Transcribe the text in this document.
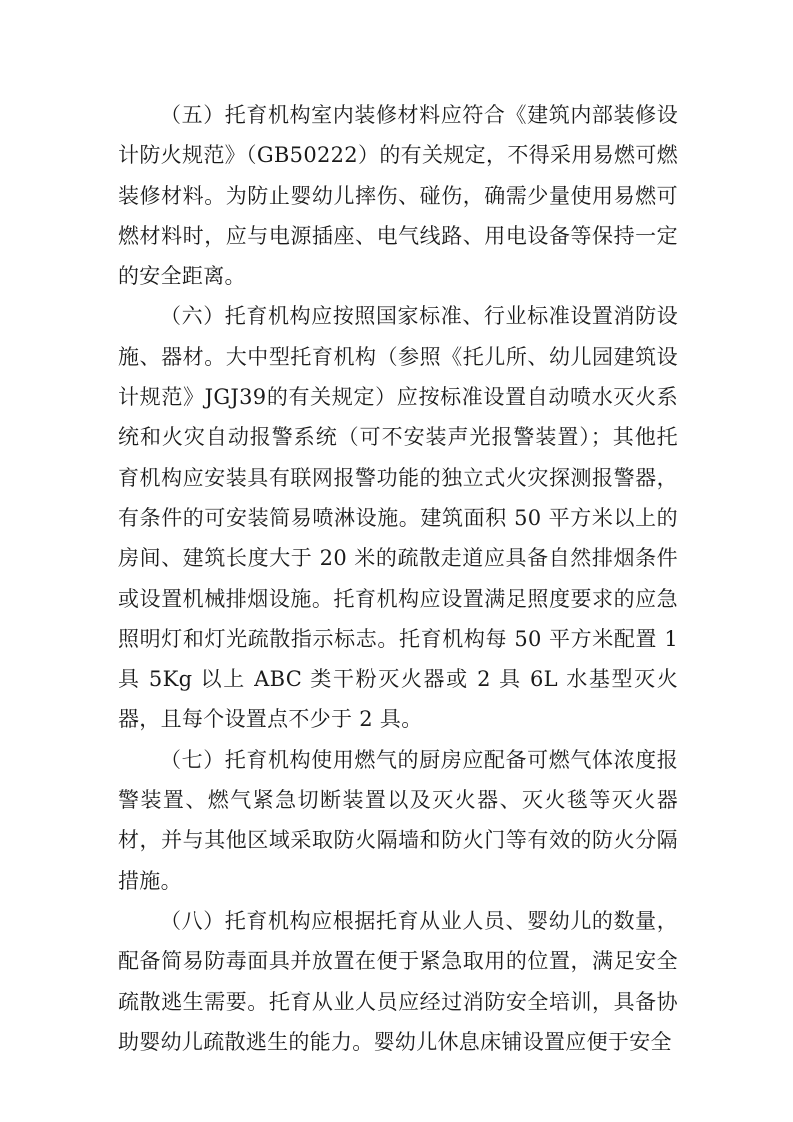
（五）托育机构室内装修材料应符合《建筑内部装修设计防火规范》（GB50222）的有关规定，不得采用易燃可燃装修材料。为防止婴幼儿摔伤、碰伤，确需少量使用易燃可燃材料时，应与电源插座、电气线路、用电设备等保持一定的安全距离。

（六）托育机构应按照国家标准、行业标准设置消防设施、器材。大中型托育机构（参照《托儿所、幼儿园建筑设计规范》JGJ39的有关规定）应按标准设置自动喷水灭火系统和火灾自动报警系统（可不安装声光报警装置）；其他托育机构应安装具有联网报警功能的独立式火灾探测报警器，有条件的可安装简易喷淋设施。建筑面积 50 平方米以上的房间、建筑长度大于 20 米的疏散走道应具备自然排烟条件或设置机械排烟设施。托育机构应设置满足照度要求的应急照明灯和灯光疏散指示标志。托育机构每 50 平方米配置 1 具 5Kg 以上 ABC 类干粉灭火器或 2 具 6L 水基型灭火器，且每个设置点不少于 2 具。

（七）托育机构使用燃气的厨房应配备可燃气体浓度报警装置、燃气紧急切断装置以及灭火器、灭火毯等灭火器材，并与其他区域采取防火隔墙和防火门等有效的防火分隔措施。

（八）托育机构应根据托育从业人员、婴幼儿的数量，配备简易防毒面具并放置在便于紧急取用的位置，满足安全疏散逃生需要。托育从业人员应经过消防安全培训，具备协助婴幼儿疏散逃生的能力。婴幼儿休息床铺设置应便于安全
